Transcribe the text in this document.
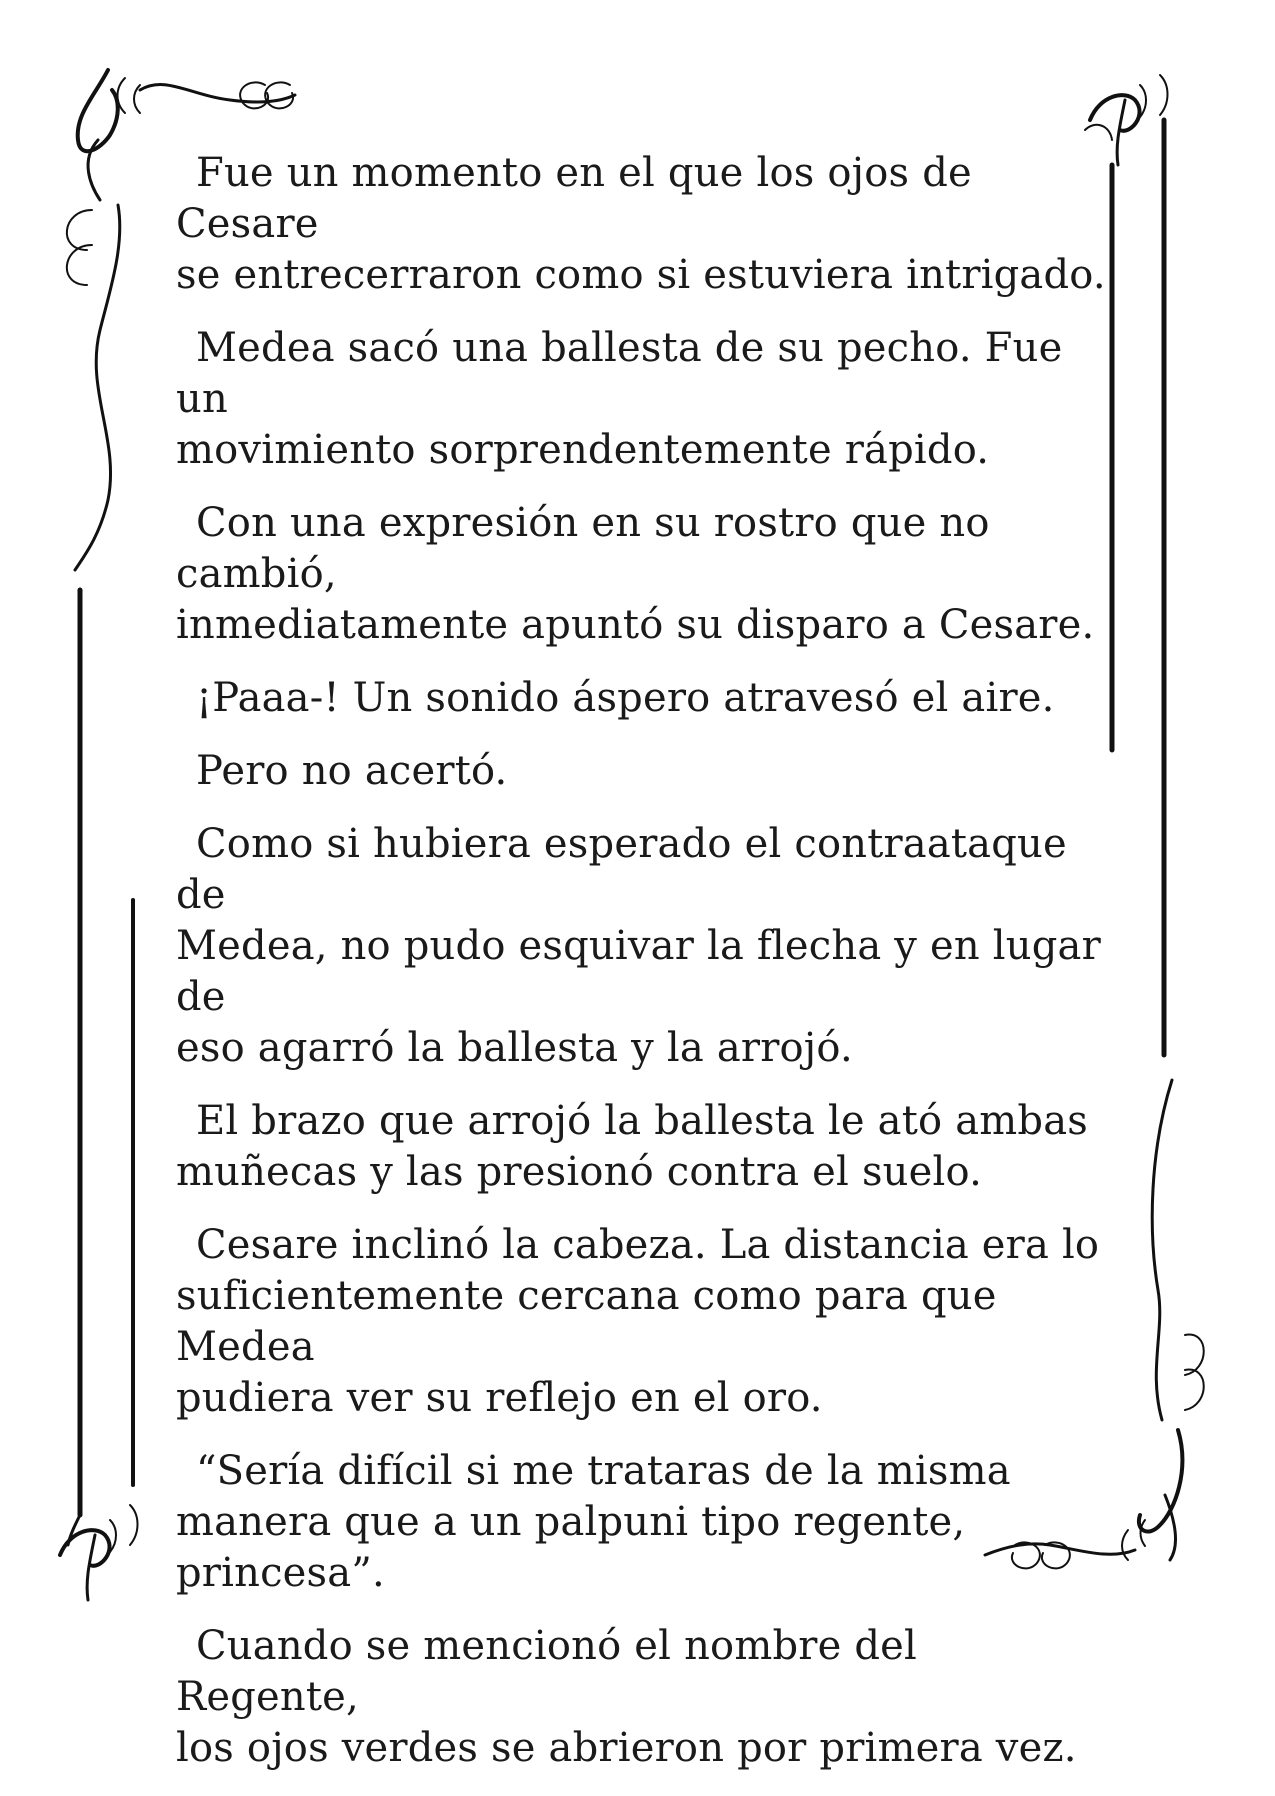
Fue un momento en el que los ojos de Cesare
se entrecerraron como si estuviera intrigado.

Medea sacó una ballesta de su pecho. Fue un
movimiento sorprendentemente rápido.

Con una expresión en su rostro que no cambió,
inmediatamente apuntó su disparo a Cesare.

¡Paaa-! Un sonido áspero atravesó el aire.

Pero no acertó.

Como si hubiera esperado el contraataque de
Medea, no pudo esquivar la flecha y en lugar de
eso agarró la ballesta y la arrojó.

El brazo que arrojó la ballesta le ató ambas
muñecas y las presionó contra el suelo.

Cesare inclinó la cabeza. La distancia era lo
suficientemente cercana como para que Medea
pudiera ver su reflejo en el oro.

“Sería difícil si me trataras de la misma
manera que a un palpuni tipo regente,
princesa”.

Cuando se mencionó el nombre del Regente,
los ojos verdes se abrieron por primera vez.
